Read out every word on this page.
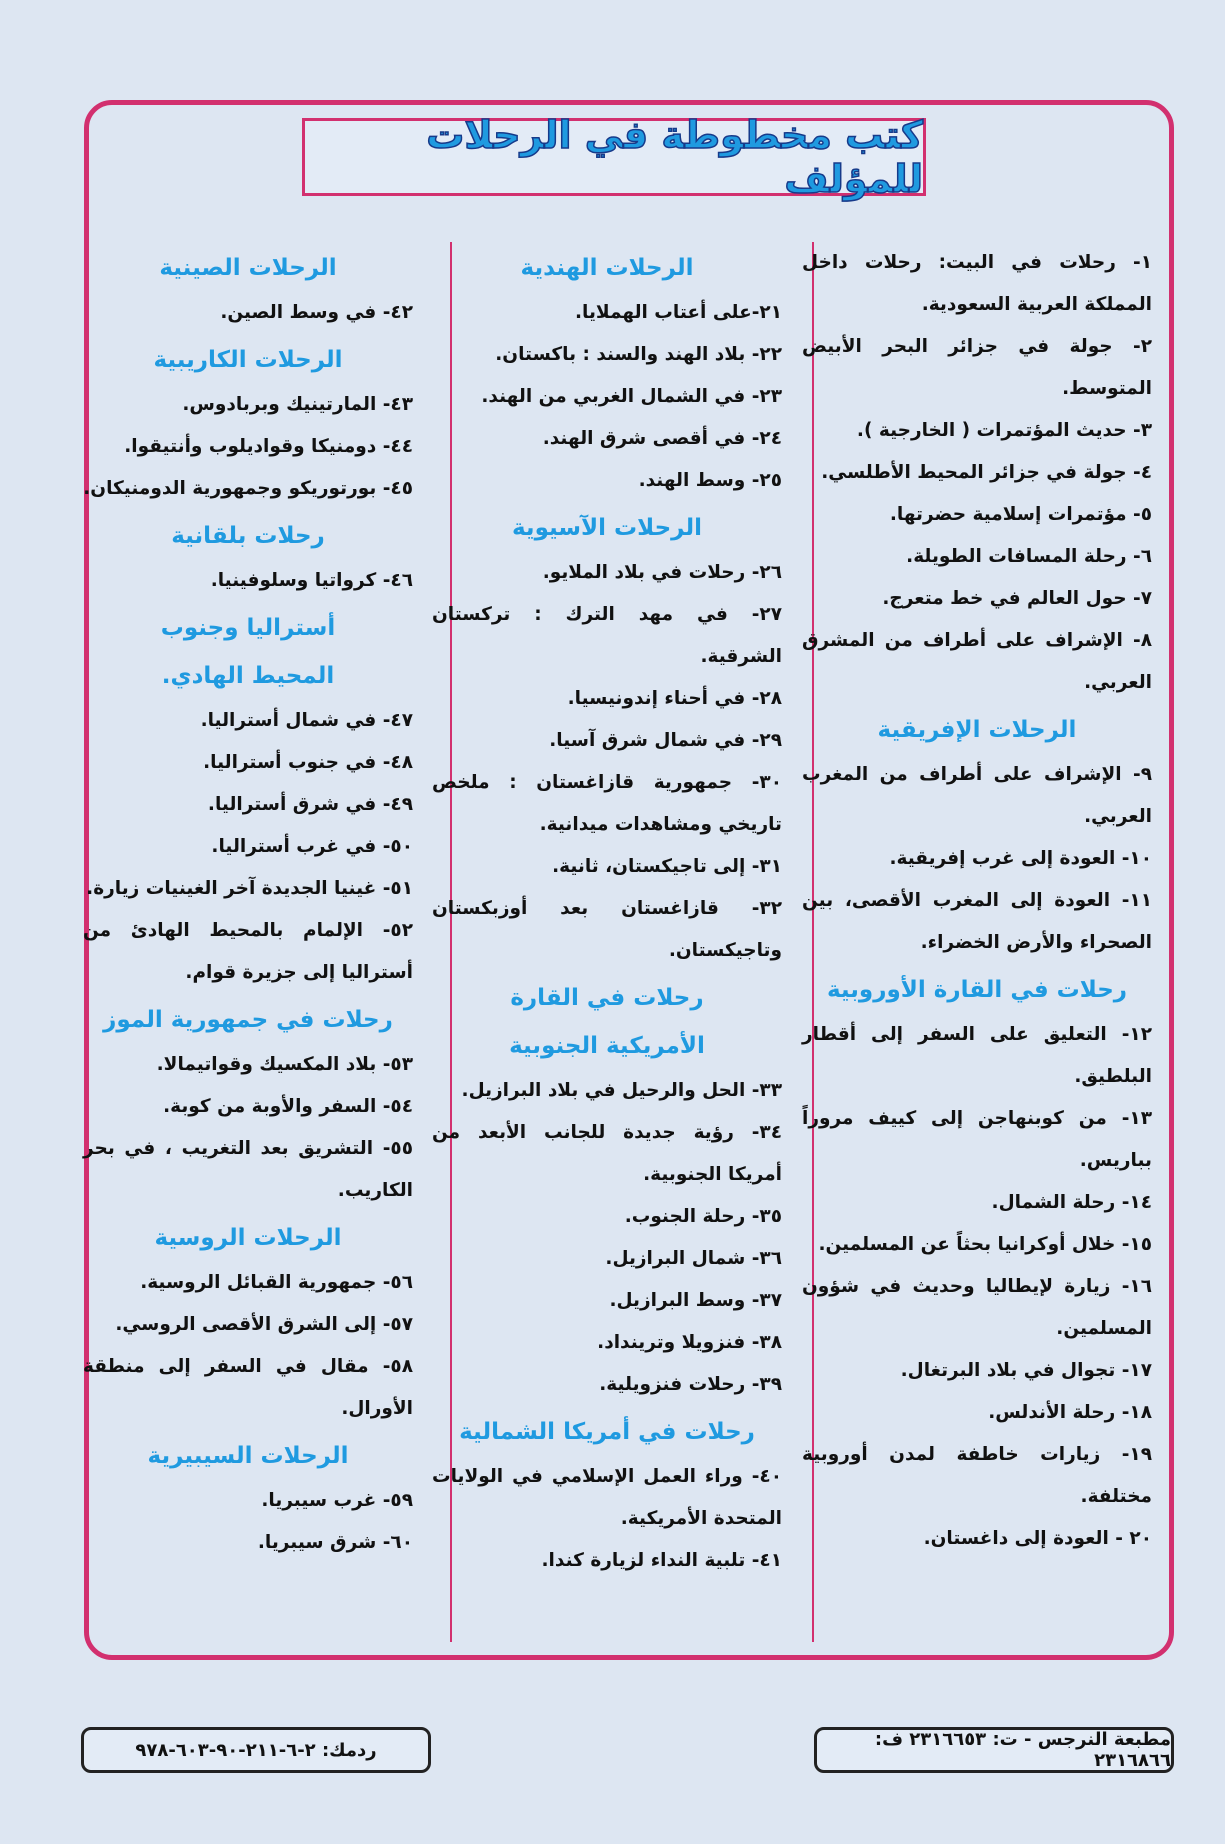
كتب مخطوطة في الرحلات للمؤلف
١- رحلات في البيت: رحلات داخل المملكة العربية السعودية.
٢- جولة في جزائر البحر الأبيض المتوسط.
٣- حديث المؤتمرات ( الخارجية ).
٤- جولة في جزائر المحيط الأطلسي.
٥- مؤتمرات إسلامية حضرتها.
٦- رحلة المسافات الطويلة.
٧- حول العالم في خط متعرج.
٨- الإشراف على أطراف من المشرق العربي.
الرحلات الإفريقية
٩- الإشراف على أطراف من المغرب العربي.
١٠- العودة إلى غرب إفريقية.
١١- العودة إلى المغرب الأقصى، بين الصحراء والأرض الخضراء.
رحلات في القارة الأوروبية
١٢- التعليق على السفر إلى أقطار البلطيق.
١٣- من كوبنهاجن إلى كييف مروراً بباريس.
١٤- رحلة الشمال.
١٥- خلال أوكرانيا بحثاً عن المسلمين.
١٦- زيارة لإيطاليا وحديث في شؤون المسلمين.
١٧- تجوال في بلاد البرتغال.
١٨- رحلة الأندلس.
١٩- زيارات خاطفة لمدن أوروبية مختلفة.
٢٠ - العودة إلى داغستان.
الرحلات الهندية
٢١-على أعتاب الهملايا.
٢٢- بلاد الهند والسند : باكستان.
٢٣- في الشمال الغربي من الهند.
٢٤- في أقصى شرق الهند.
٢٥- وسط الهند.
الرحلات الآسيوية
٢٦- رحلات في بلاد الملايو.
٢٧- في مهد الترك : تركستان الشرقية.
٢٨- في أحناء إندونيسيا.
٢٩- في شمال شرق آسيا.
٣٠- جمهورية قازاغستان : ملخص تاريخي ومشاهدات ميدانية.
٣١- إلى تاجيكستان، ثانية.
٣٢- قازاغستان بعد أوزبكستان وتاجيكستان.
رحلات في القارة
الأمريكية الجنوبية
٣٣- الحل والرحيل في بلاد البرازيل.
٣٤- رؤية جديدة للجانب الأبعد من أمريكا الجنوبية.
٣٥- رحلة الجنوب.
٣٦- شمال البرازيل.
٣٧- وسط البرازيل.
٣٨- فنزويلا وترينداد.
٣٩- رحلات فنزويلية.
رحلات في أمريكا الشمالية
٤٠- وراء العمل الإسلامي في الولايات المتحدة الأمريكية.
٤١- تلبية النداء لزيارة كندا.
الرحلات الصينية
٤٢- في وسط الصين.
الرحلات الكاريبية
٤٣- المارتينيك وبربادوس.
٤٤- دومنيكا وقواديلوب وأنتيقوا.
٤٥- بورتوريكو وجمهورية الدومنيكان.
رحلات بلقانية
٤٦- كرواتيا وسلوفينيا.
أستراليا وجنوب
المحيط الهادي.
٤٧- في شمال أستراليا.
٤٨- في جنوب أستراليا.
٤٩- في شرق أستراليا.
٥٠- في غرب أستراليا.
٥١- غينيا الجديدة آخر الغينيات زيارة.
٥٢- الإلمام بالمحيط الهادئ من أستراليا إلى جزيرة قوام.
رحلات في جمهورية الموز
٥٣- بلاد المكسيك وقواتيمالا.
٥٤- السفر والأوبة من كوبة.
٥٥- التشريق بعد التغريب ، في بحر الكاريب.
الرحلات الروسية
٥٦- جمهورية القبائل الروسية.
٥٧- إلى الشرق الأقصى الروسي.
٥٨- مقال في السفر إلى منطقة الأورال.
الرحلات السيبيرية
٥٩- غرب سيبريا.
٦٠- شرق سيبريا.
مطبعة النرجس - ت: ٢٣١٦٦٥٣ ف: ٢٣١٦٨٦٦
ردمك: ٢-٦-٢١١-٩٠-٦٠٣-٩٧٨
